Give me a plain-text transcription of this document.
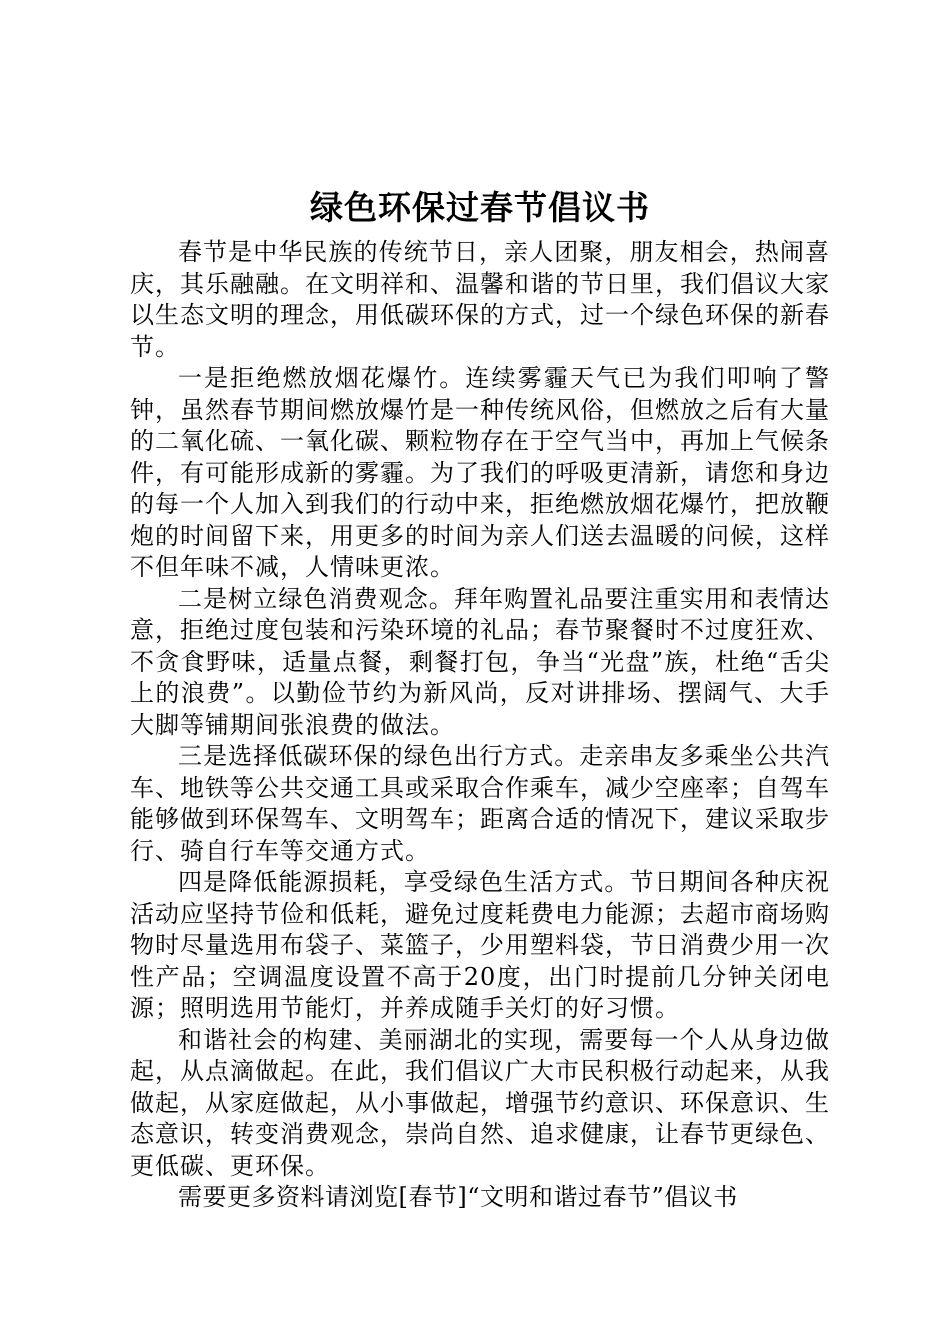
绿色环保过春节倡议书

春节是中华民族的传统节日，亲人团聚，朋友相会，热闹喜庆，其乐融融。在文明祥和、温馨和谐的节日里，我们倡议大家以生态文明的理念，用低碳环保的方式，过一个绿色环保的新春节。

一是拒绝燃放烟花爆竹。连续雾霾天气已为我们叩响了警钟，虽然春节期间燃放爆竹是一种传统风俗，但燃放之后有大量的二氧化硫、一氧化碳、颗粒物存在于空气当中，再加上气候条件，有可能形成新的雾霾。为了我们的呼吸更清新，请您和身边的每一个人加入到我们的行动中来，拒绝燃放烟花爆竹，把放鞭炮的时间留下来，用更多的时间为亲人们送去温暖的问候，这样不但年味不减，人情味更浓。

二是树立绿色消费观念。拜年购置礼品要注重实用和表情达意，拒绝过度包装和污染环境的礼品；春节聚餐时不过度狂欢、不贪食野味，适量点餐，剩餐打包，争当“光盘”族，杜绝“舌尖上的浪费”。以勤俭节约为新风尚，反对讲排场、摆阔气、大手大脚等铺期间张浪费的做法。

三是选择低碳环保的绿色出行方式。走亲串友多乘坐公共汽车、地铁等公共交通工具或采取合作乘车，减少空座率；自驾车能够做到环保驾车、文明驾车；距离合适的情况下，建议采取步行、骑自行车等交通方式。

四是降低能源损耗，享受绿色生活方式。节日期间各种庆祝活动应坚持节俭和低耗，避免过度耗费电力能源；去超市商场购物时尽量选用布袋子、菜篮子，少用塑料袋，节日消费少用一次性产品；空调温度设置不高于20度，出门时提前几分钟关闭电源；照明选用节能灯，并养成随手关灯的好习惯。

和谐社会的构建、美丽湖北的实现，需要每一个人从身边做起，从点滴做起。在此，我们倡议广大市民积极行动起来，从我做起，从家庭做起，从小事做起，增强节约意识、环保意识、生态意识，转变消费观念，崇尚自然、追求健康，让春节更绿色、更低碳、更环保。

需要更多资料请浏览[春节]“文明和谐过春节”倡议书
